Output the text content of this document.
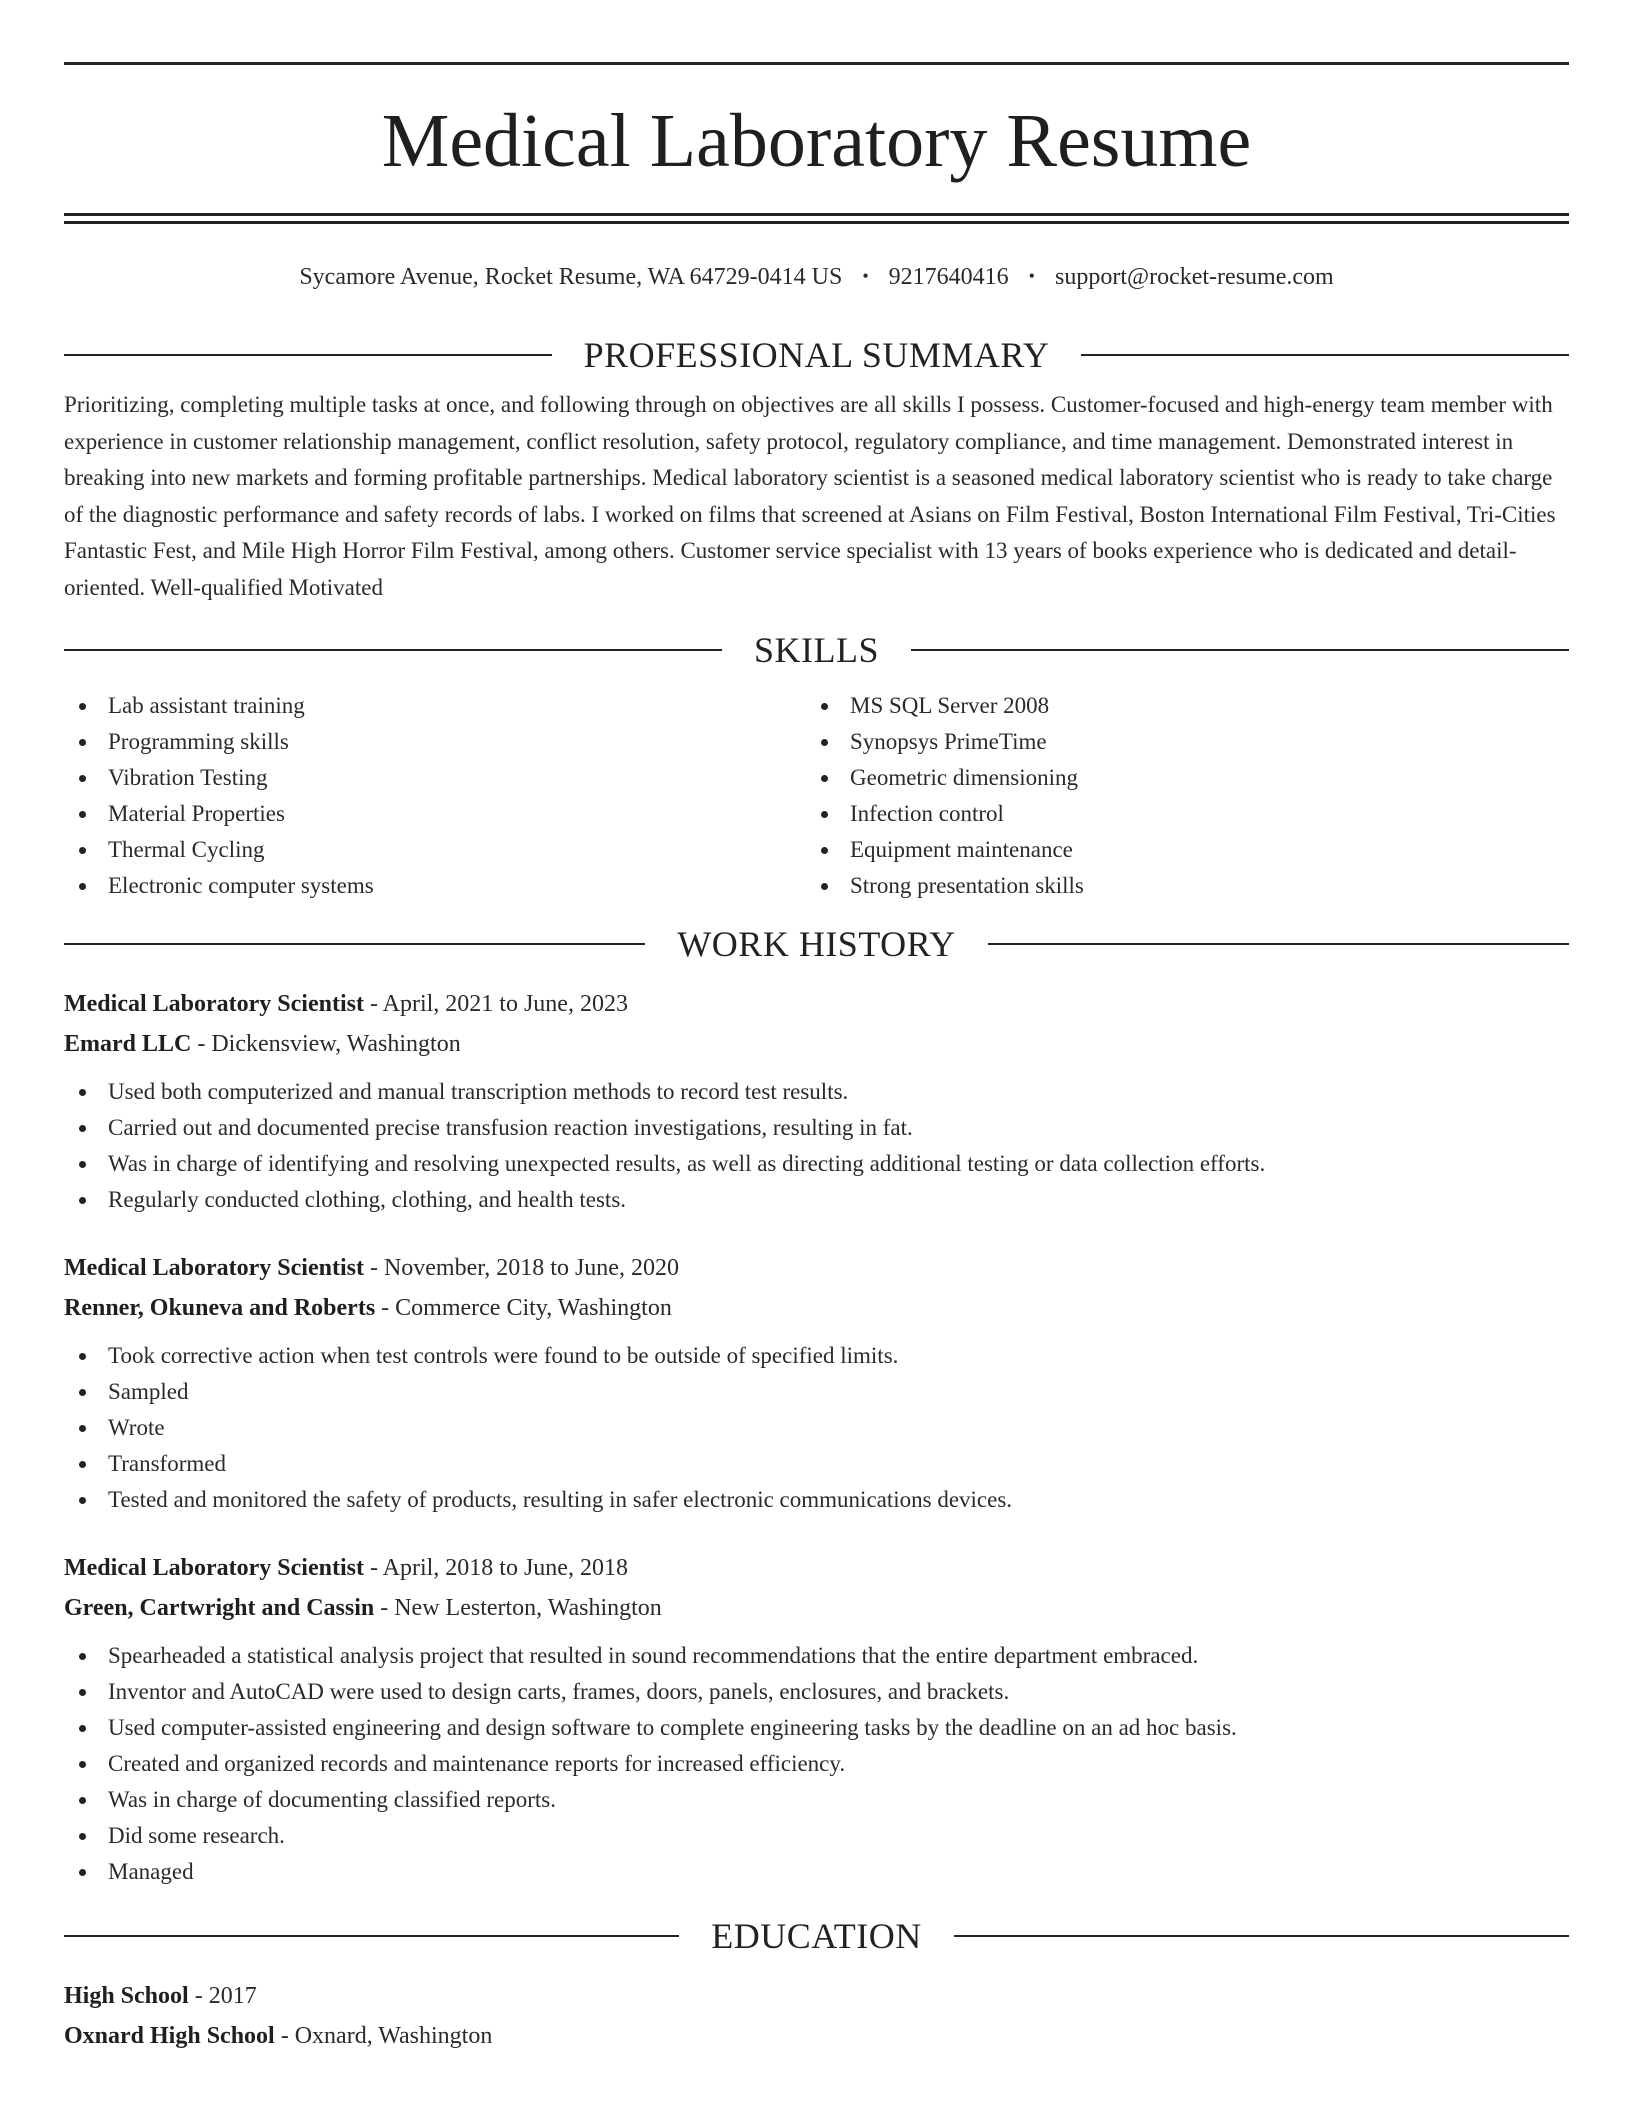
Medical Laboratory Resume
Sycamore Avenue, Rocket Resume, WA 64729-0414 US • 9217640416 • support@rocket-resume.com
PROFESSIONAL SUMMARY
Prioritizing, completing multiple tasks at once, and following through on objectives are all skills I possess. Customer-focused and high-energy team member with experience in customer relationship management, conflict resolution, safety protocol, regulatory compliance, and time management. Demonstrated interest in breaking into new markets and forming profitable partnerships. Medical laboratory scientist is a seasoned medical laboratory scientist who is ready to take charge of the diagnostic performance and safety records of labs. I worked on films that screened at Asians on Film Festival, Boston International Film Festival, Tri-Cities Fantastic Fest, and Mile High Horror Film Festival, among others. Customer service specialist with 13 years of books experience who is dedicated and detail-oriented. Well-qualified Motivated
SKILLS
Lab assistant training
Programming skills
Vibration Testing
Material Properties
Thermal Cycling
Electronic computer systems
MS SQL Server 2008
Synopsys PrimeTime
Geometric dimensioning
Infection control
Equipment maintenance
Strong presentation skills
WORK HISTORY
Medical Laboratory Scientist - April, 2021 to June, 2023
Emard LLC - Dickensview, Washington
Used both computerized and manual transcription methods to record test results.
Carried out and documented precise transfusion reaction investigations, resulting in fat.
Was in charge of identifying and resolving unexpected results, as well as directing additional testing or data collection efforts.
Regularly conducted clothing, clothing, and health tests.
Medical Laboratory Scientist - November, 2018 to June, 2020
Renner, Okuneva and Roberts - Commerce City, Washington
Took corrective action when test controls were found to be outside of specified limits.
Sampled
Wrote
Transformed
Tested and monitored the safety of products, resulting in safer electronic communications devices.
Medical Laboratory Scientist - April, 2018 to June, 2018
Green, Cartwright and Cassin - New Lesterton, Washington
Spearheaded a statistical analysis project that resulted in sound recommendations that the entire department embraced.
Inventor and AutoCAD were used to design carts, frames, doors, panels, enclosures, and brackets.
Used computer-assisted engineering and design software to complete engineering tasks by the deadline on an ad hoc basis.
Created and organized records and maintenance reports for increased efficiency.
Was in charge of documenting classified reports.
Did some research.
Managed
EDUCATION
High School - 2017
Oxnard High School - Oxnard, Washington
